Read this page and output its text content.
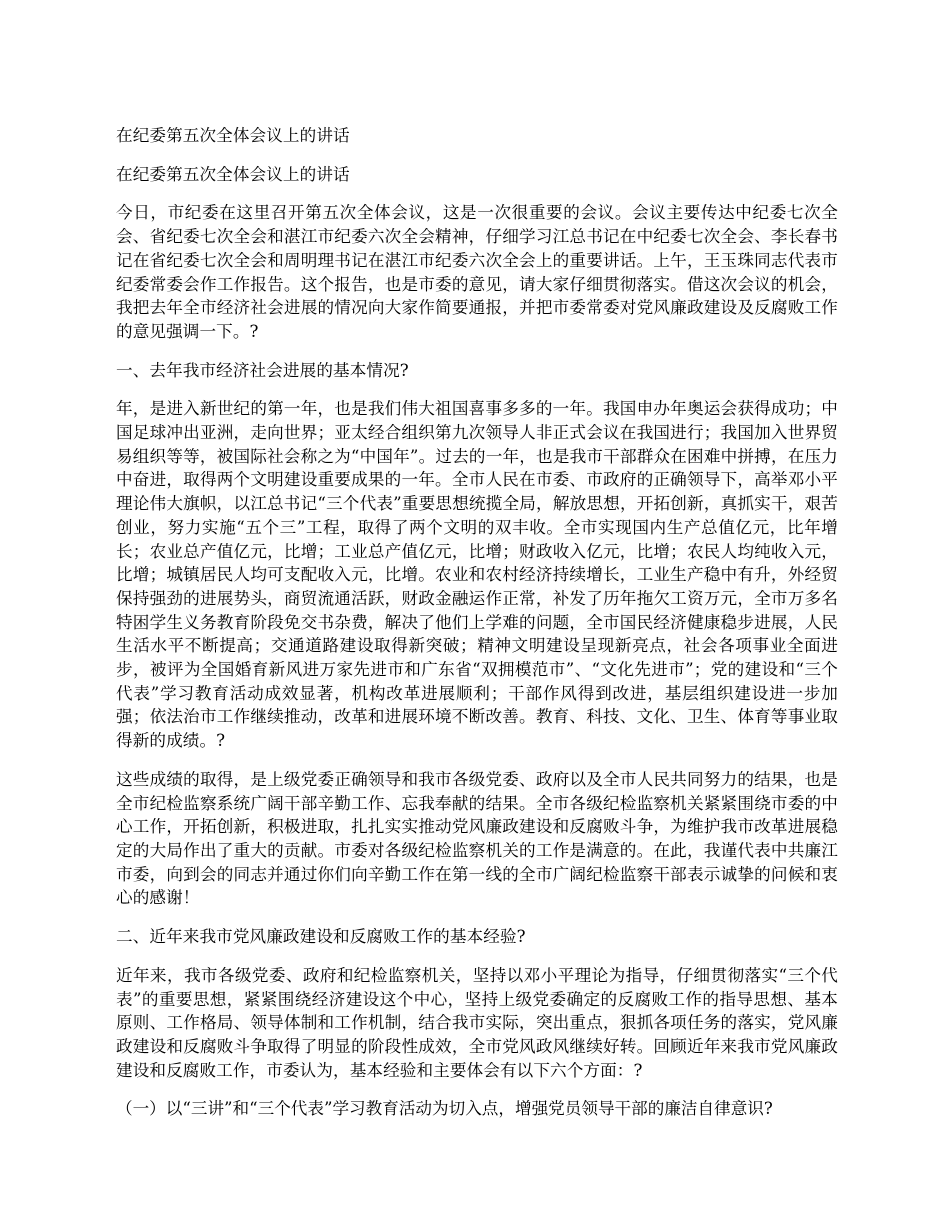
在纪委第五次全体会议上的讲话
在纪委第五次全体会议上的讲话

今日，市纪委在这里召开第五次全体会议，这是一次很重要的会议。会议主要传达中纪委七次全会、省纪委七次全会和湛江市纪委六次全会精神，仔细学习江总书记在中纪委七次全会、李长春书记在省纪委七次全会和周明理书记在湛江市纪委六次全会上的重要讲话。上午，王玉珠同志代表市纪委常委会作工作报告。这个报告，也是市委的意见，请大家仔细贯彻落实。借这次会议的机会，我把去年全市经济社会进展的情况向大家作简要通报，并把市委常委对党风廉政建设及反腐败工作的意见强调一下。?

一、去年我市经济社会进展的基本情况?

年，是进入新世纪的第一年，也是我们伟大祖国喜事多多的一年。我国申办年奥运会获得成功；中国足球冲出亚洲，走向世界；亚太经合组织第九次领导人非正式会议在我国进行；我国加入世界贸易组织等等，被国际社会称之为“中国年”。过去的一年，也是我市干部群众在困难中拼搏，在压力中奋进，取得两个文明建设重要成果的一年。全市人民在市委、市政府的正确领导下，高举邓小平理论伟大旗帜，以江总书记“三个代表”重要思想统揽全局，解放思想，开拓创新，真抓实干，艰苦创业，努力实施“五个三”工程，取得了两个文明的双丰收。全市实现国内生产总值亿元，比年增长；农业总产值亿元，比增；工业总产值亿元，比增；财政收入亿元，比增；农民人均纯收入元，比增；城镇居民人均可支配收入元，比增。农业和农村经济持续增长，工业生产稳中有升，外经贸保持强劲的进展势头，商贸流通活跃，财政金融运作正常，补发了历年拖欠工资万元，全市万多名特困学生义务教育阶段免交书杂费，解决了他们上学难的问题，全市国民经济健康稳步进展，人民生活水平不断提高；交通道路建设取得新突破；精神文明建设呈现新亮点，社会各项事业全面进步，被评为全国婚育新风进万家先进市和广东省“双拥模范市”、“文化先进市”；党的建设和“三个代表”学习教育活动成效显著，机构改革进展顺利；干部作风得到改进，基层组织建设进一步加强；依法治市工作继续推动，改革和进展环境不断改善。教育、科技、文化、卫生、体育等事业取得新的成绩。?

这些成绩的取得，是上级党委正确领导和我市各级党委、政府以及全市人民共同努力的结果，也是全市纪检监察系统广阔干部辛勤工作、忘我奉献的结果。全市各级纪检监察机关紧紧围绕市委的中心工作，开拓创新，积极进取，扎扎实实推动党风廉政建设和反腐败斗争，为维护我市改革进展稳定的大局作出了重大的贡献。市委对各级纪检监察机关的工作是满意的。在此，我谨代表中共廉江市委，向到会的同志并通过你们向辛勤工作在第一线的全市广阔纪检监察干部表示诚挚的问候和衷心的感谢！

二、近年来我市党风廉政建设和反腐败工作的基本经验?

近年来，我市各级党委、政府和纪检监察机关，坚持以邓小平理论为指导，仔细贯彻落实“三个代表”的重要思想，紧紧围绕经济建设这个中心，坚持上级党委确定的反腐败工作的指导思想、基本原则、工作格局、领导体制和工作机制，结合我市实际，突出重点，狠抓各项任务的落实，党风廉政建设和反腐败斗争取得了明显的阶段性成效，全市党风政风继续好转。回顾近年来我市党风廉政建设和反腐败工作，市委认为，基本经验和主要体会有以下六个方面：?

（一）以“三讲”和“三个代表”学习教育活动为切入点，增强党员领导干部的廉洁自律意识?
